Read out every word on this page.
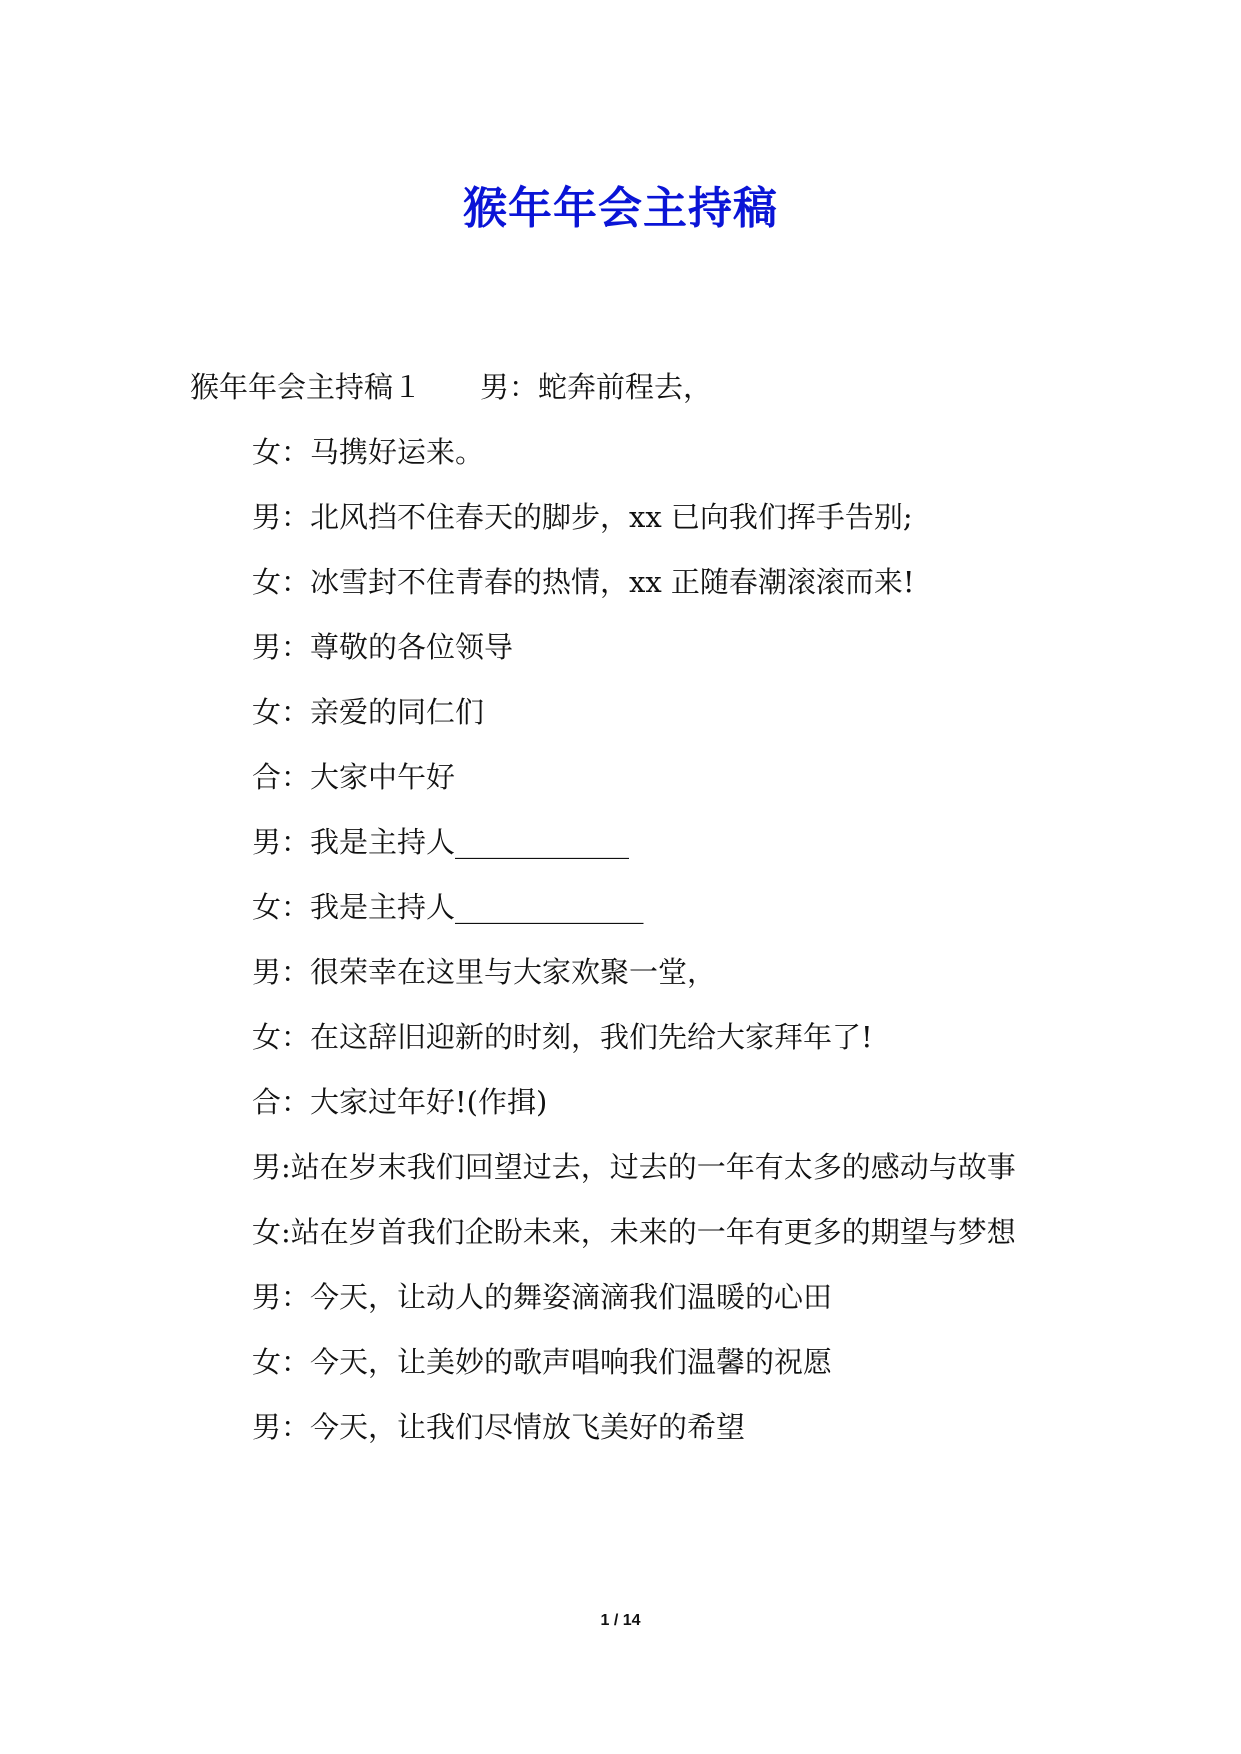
猴年年会主持稿

猴年年会主持稿１　　男：蛇奔前程去，

女：马携好运来。

男：北风挡不住春天的脚步，xx 已向我们挥手告别;

女：冰雪封不住青春的热情，xx 正随春潮滚滚而来!

男：尊敬的各位领导

女：亲爱的同仁们

合：大家中午好

男：我是主持人____________

女：我是主持人_____________

男：很荣幸在这里与大家欢聚一堂，

女：在这辞旧迎新的时刻，我们先给大家拜年了!

合：大家过年好!(作揖)

男:站在岁末我们回望过去，过去的一年有太多的感动与故事

女:站在岁首我们企盼未来，未来的一年有更多的期望与梦想

男：今天，让动人的舞姿滴滴我们温暖的心田

女：今天，让美妙的歌声唱响我们温馨的祝愿

男：今天，让我们尽情放飞美好的希望

1 / 14
